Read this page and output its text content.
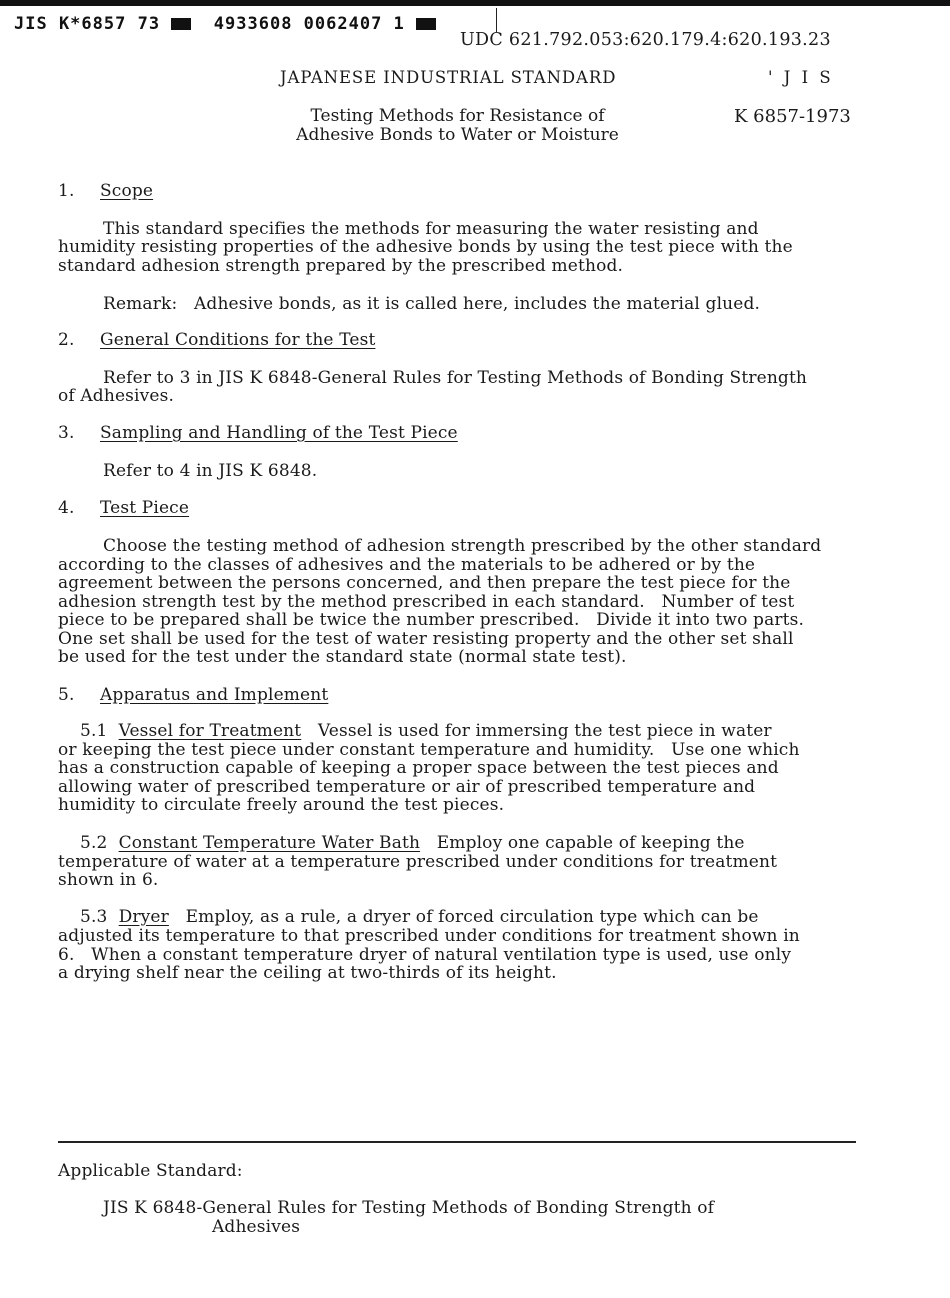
JIS K*6857 73	4933608 0062407 1
UDC 621.792.053:620.179.4:620.193.23
JAPANESE INDUSTRIAL STANDARD	' J I S
Testing Methods for Resistance of
Adhesive Bonds to Water or Moisture
K 6857-1973
1. Scope
This standard specifies the methods for measuring the water resisting and
humidity resisting properties of the adhesive bonds by using the test piece with the
standard adhesion strength prepared by the prescribed method.
Remark:   Adhesive bonds, as it is called here, includes the material glued.
2. General Conditions for the Test
Refer to 3 in JIS K 6848-General Rules for Testing Methods of Bonding Strength
of Adhesives.
3. Sampling and Handling of the Test Piece
Refer to 4 in JIS K 6848.
4. Test Piece
Choose the testing method of adhesion strength prescribed by the other standard
according to the classes of adhesives and the materials to be adhered or by the
agreement between the persons concerned, and then prepare the test piece for the
adhesion strength test by the method prescribed in each standard.   Number of test
piece to be prepared shall be twice the number prescribed.   Divide it into two parts.
One set shall be used for the test of water resisting property and the other set shall
be used for the test under the standard state (normal state test).
5. Apparatus and Implement
5.1 Vessel for Treatment Vessel is used for immersing the test piece in water
or keeping the test piece under constant temperature and humidity.   Use one which
has a construction capable of keeping a proper space between the test pieces and
allowing water of prescribed temperature or air of prescribed temperature and
humidity to circulate freely around the test pieces.
5.2 Constant Temperature Water Bath Employ one capable of keeping the
temperature of water at a temperature prescribed under conditions for treatment
shown in 6.
5.3 Dryer Employ, as a rule, a dryer of forced circulation type which can be
adjusted its temperature to that prescribed under conditions for treatment shown in
6.   When a constant temperature dryer of natural ventilation type is used, use only
a drying shelf near the ceiling at two-thirds of its height.
Applicable Standard:
JIS K 6848-General Rules for Testing Methods of Bonding Strength of
Adhesives
